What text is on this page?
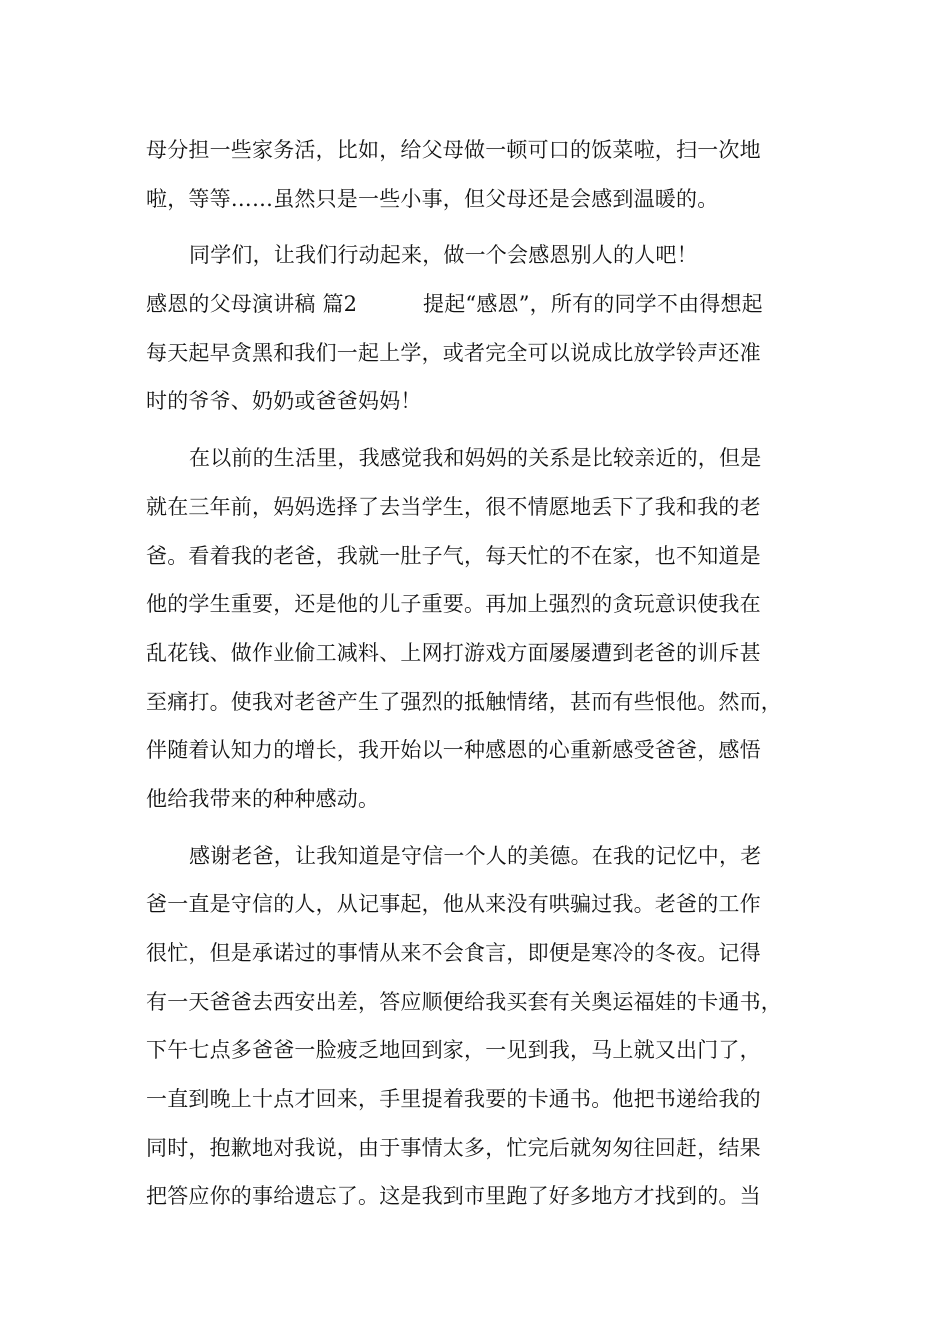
母分担一些家务活，比如，给父母做一顿可口的饭菜啦，扫一次地
啦，等等……虽然只是一些小事，但父母还是会感到温暖的。
同学们，让我们行动起来，做一个会感恩别人的人吧！
感恩的父母演讲稿 篇2	提起“感恩”，所有的同学不由得想起
每天起早贪黑和我们一起上学，或者完全可以说成比放学铃声还准
时的爷爷、奶奶或爸爸妈妈！
在以前的生活里，我感觉我和妈妈的关系是比较亲近的，但是
就在三年前，妈妈选择了去当学生，很不情愿地丢下了我和我的老
爸。看着我的老爸，我就一肚子气，每天忙的不在家，也不知道是
他的学生重要，还是他的儿子重要。再加上强烈的贪玩意识使我在
乱花钱、做作业偷工减料、上网打游戏方面屡屡遭到老爸的训斥甚
至痛打。使我对老爸产生了强烈的抵触情绪，甚而有些恨他。然而，
伴随着认知力的增长，我开始以一种感恩的心重新感受爸爸，感悟
他给我带来的种种感动。
感谢老爸，让我知道是守信一个人的美德。在我的记忆中，老
爸一直是守信的人，从记事起，他从来没有哄骗过我。老爸的工作
很忙，但是承诺过的事情从来不会食言，即便是寒冷的冬夜。记得
有一天爸爸去西安出差，答应顺便给我买套有关奥运福娃的卡通书，
下午七点多爸爸一脸疲乏地回到家，一见到我，马上就又出门了，
一直到晚上十点才回来，手里提着我要的卡通书。他把书递给我的
同时，抱歉地对我说，由于事情太多，忙完后就匆匆往回赶，结果
把答应你的事给遗忘了。这是我到市里跑了好多地方才找到的。当
